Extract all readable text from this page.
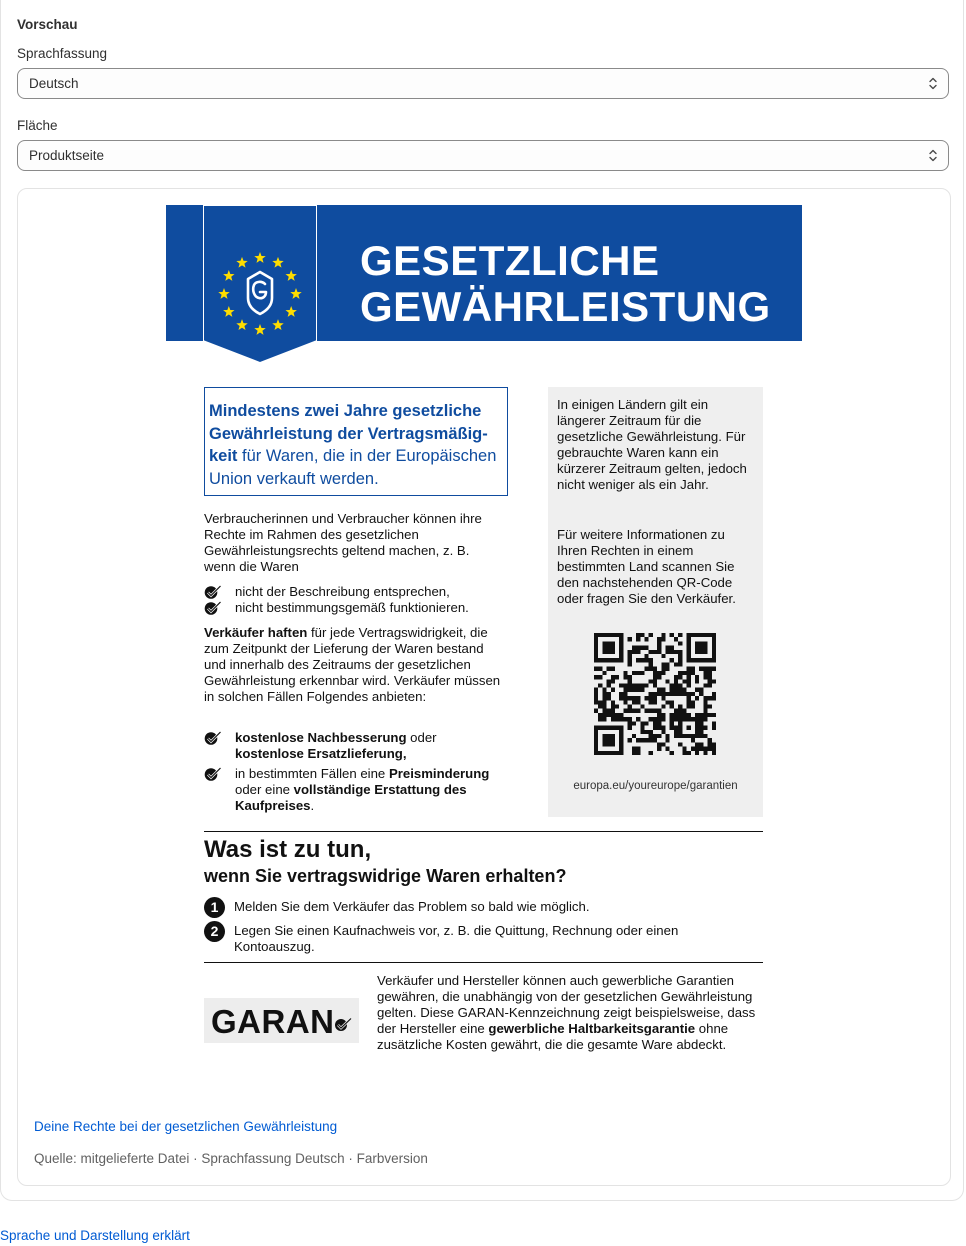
Vorschau
Sprachfassung
Deutsch
Fläche
Produktseite
GESETZLICHE
GEWÄHRLEISTUNG
Mindestens zwei Jahre gesetzliche Gewährleistung der Vertragsmäßigkeit für Waren, die in der Europäischen Union verkauft werden.
Verbraucherinnen und Verbraucher können ihre Rechte im Rahmen des gesetzlichen Gewährleistungsrechts geltend machen, z. B. wenn die Waren
nicht der Beschreibung entsprechen,
nicht bestimmungsgemäß funktionieren.
Verkäufer haften für jede Vertragswidrigkeit, die zum Zeitpunkt der Lieferung der Waren bestand und innerhalb des Zeitraums der gesetzlichen Gewährleistung erkennbar wird. Verkäufer müssen in solchen Fällen Folgendes anbieten:
kostenlose Nachbesserung oder
kostenlose Ersatzlieferung,
in bestimmten Fällen eine Preisminderung
oder eine vollständige Erstattung des
Kaufpreises.
In einigen Ländern gilt ein längerer Zeitraum für die gesetzliche Gewährleistung. Für gebrauchte Waren kann ein kürzerer Zeitraum gelten, jedoch nicht weniger als ein Jahr.
Für weitere Informationen zu Ihren Rechten in einem bestimmten Land scannen Sie den nachstehenden QR-Code oder fragen Sie den Verkäufer.
europa.eu/youreurope/garantien
Was ist zu tun,
wenn Sie vertragswidrige Waren erhalten?
1	Melden Sie dem Verkäufer das Problem so bald wie möglich.
2	Legen Sie einen Kaufnachweis vor, z. B. die Quittung, Rechnung oder einen Kontoauszug.
GARAN
Verkäufer und Hersteller können auch gewerbliche Garantien gewähren, die unabhängig von der gesetzlichen Gewährleistung gelten. Diese GARAN-Kennzeichnung zeigt beispielsweise, dass der Hersteller eine gewerbliche Haltbarkeitsgarantie ohne zusätzliche Kosten gewährt, die die gesamte Ware abdeckt.
Deine Rechte bei der gesetzlichen Gewährleistung
Quelle: mitgelieferte Datei · Sprachfassung Deutsch · Farbversion
Sprache und Darstellung erklärt
